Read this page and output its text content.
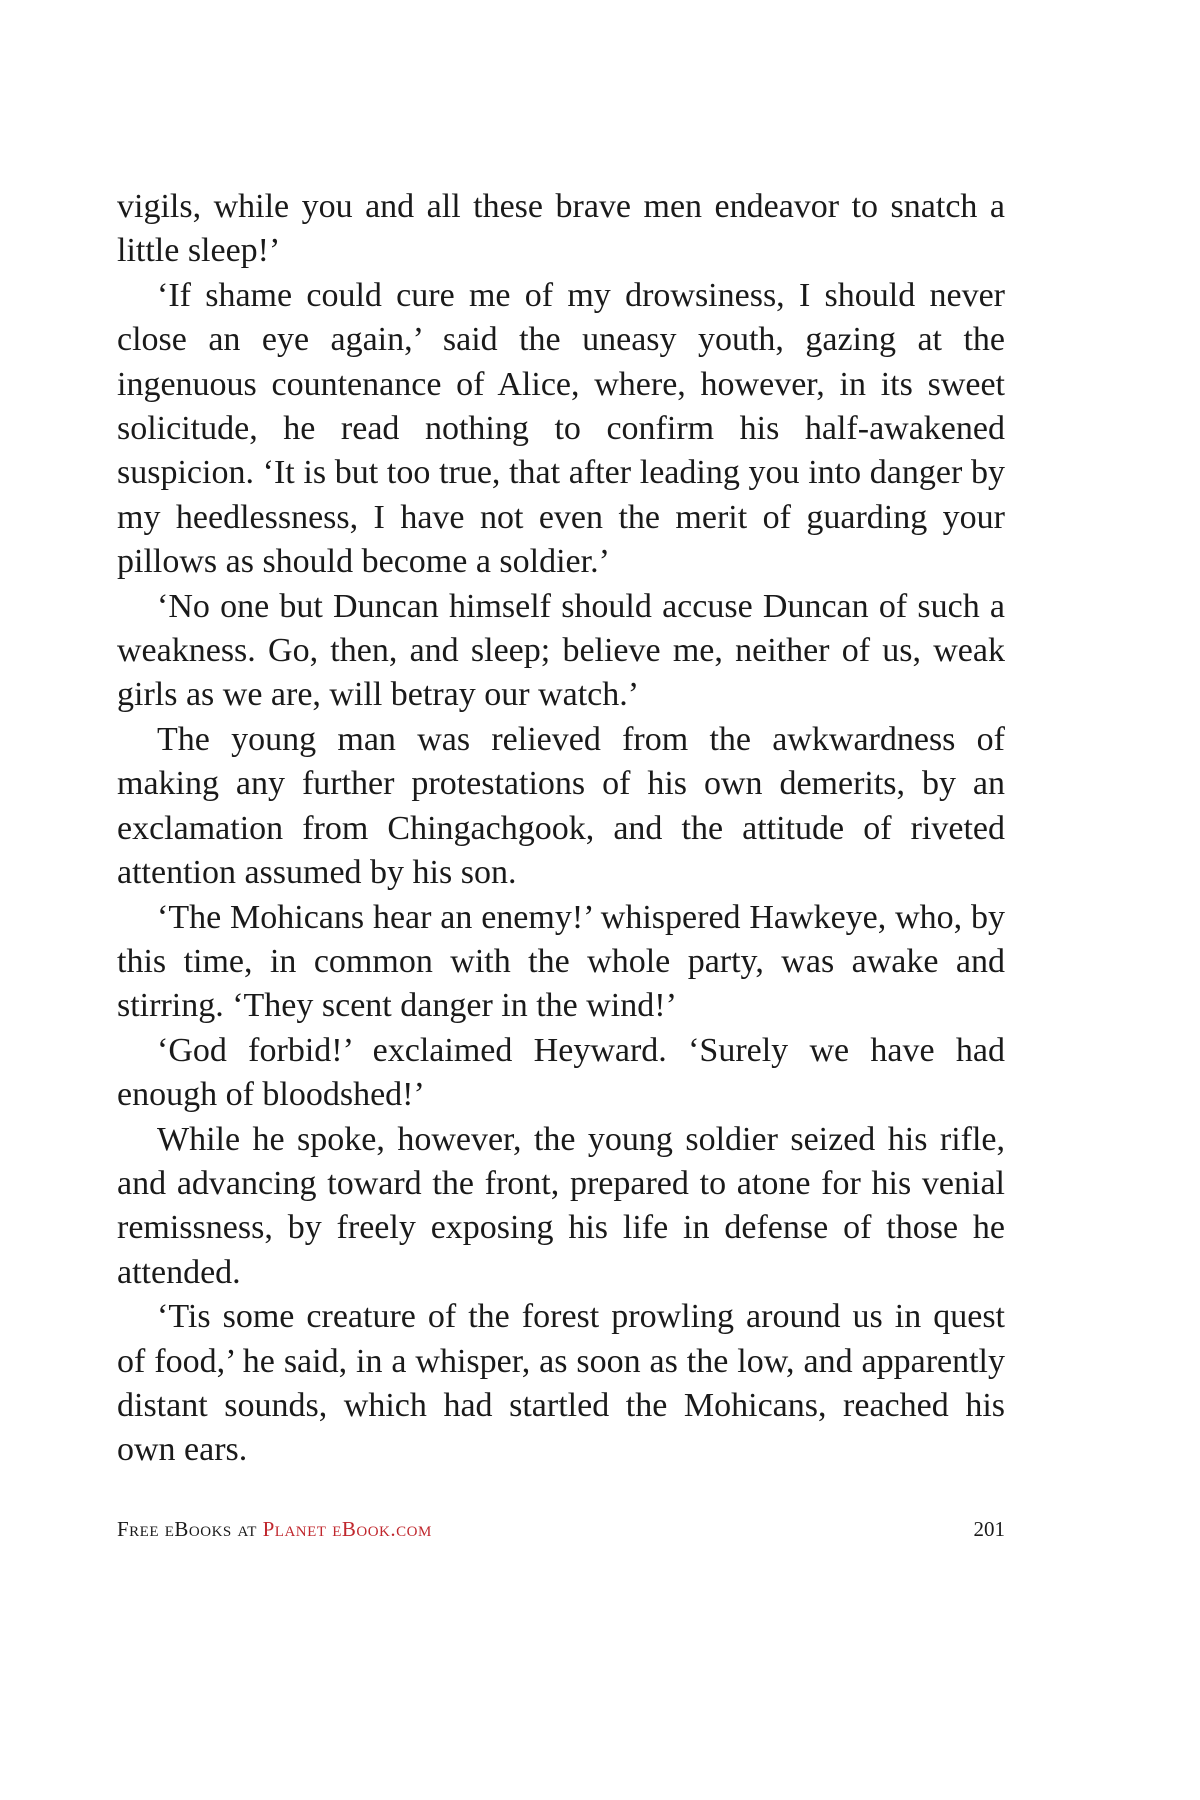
vigils, while you and all these brave men endeavor to snatch a little sleep!’

‘If shame could cure me of my drowsiness, I should never close an eye again,’ said the uneasy youth, gazing at the ingenuous countenance of Alice, where, however, in its sweet solicitude, he read nothing to confirm his half-awakened suspicion. ‘It is but too true, that after leading you into danger by my heedlessness, I have not even the merit of guarding your pillows as should become a soldier.’

‘No one but Duncan himself should accuse Duncan of such a weakness. Go, then, and sleep; believe me, neither of us, weak girls as we are, will betray our watch.’

The young man was relieved from the awkwardness of making any further protestations of his own demerits, by an exclamation from Chingachgook, and the attitude of riveted attention assumed by his son.

‘The Mohicans hear an enemy!’ whispered Hawkeye, who, by this time, in common with the whole party, was awake and stirring. ‘They scent danger in the wind!’

‘God forbid!’ exclaimed Heyward. ‘Surely we have had enough of bloodshed!’

While he spoke, however, the young soldier seized his rifle, and advancing toward the front, prepared to atone for his venial remissness, by freely exposing his life in defense of those he attended.

‘Tis some creature of the forest prowling around us in quest of food,’ he said, in a whisper, as soon as the low, and apparently distant sounds, which had startled the Mohicans, reached his own ears.

Free eBooks at Planet eBook.com	201
